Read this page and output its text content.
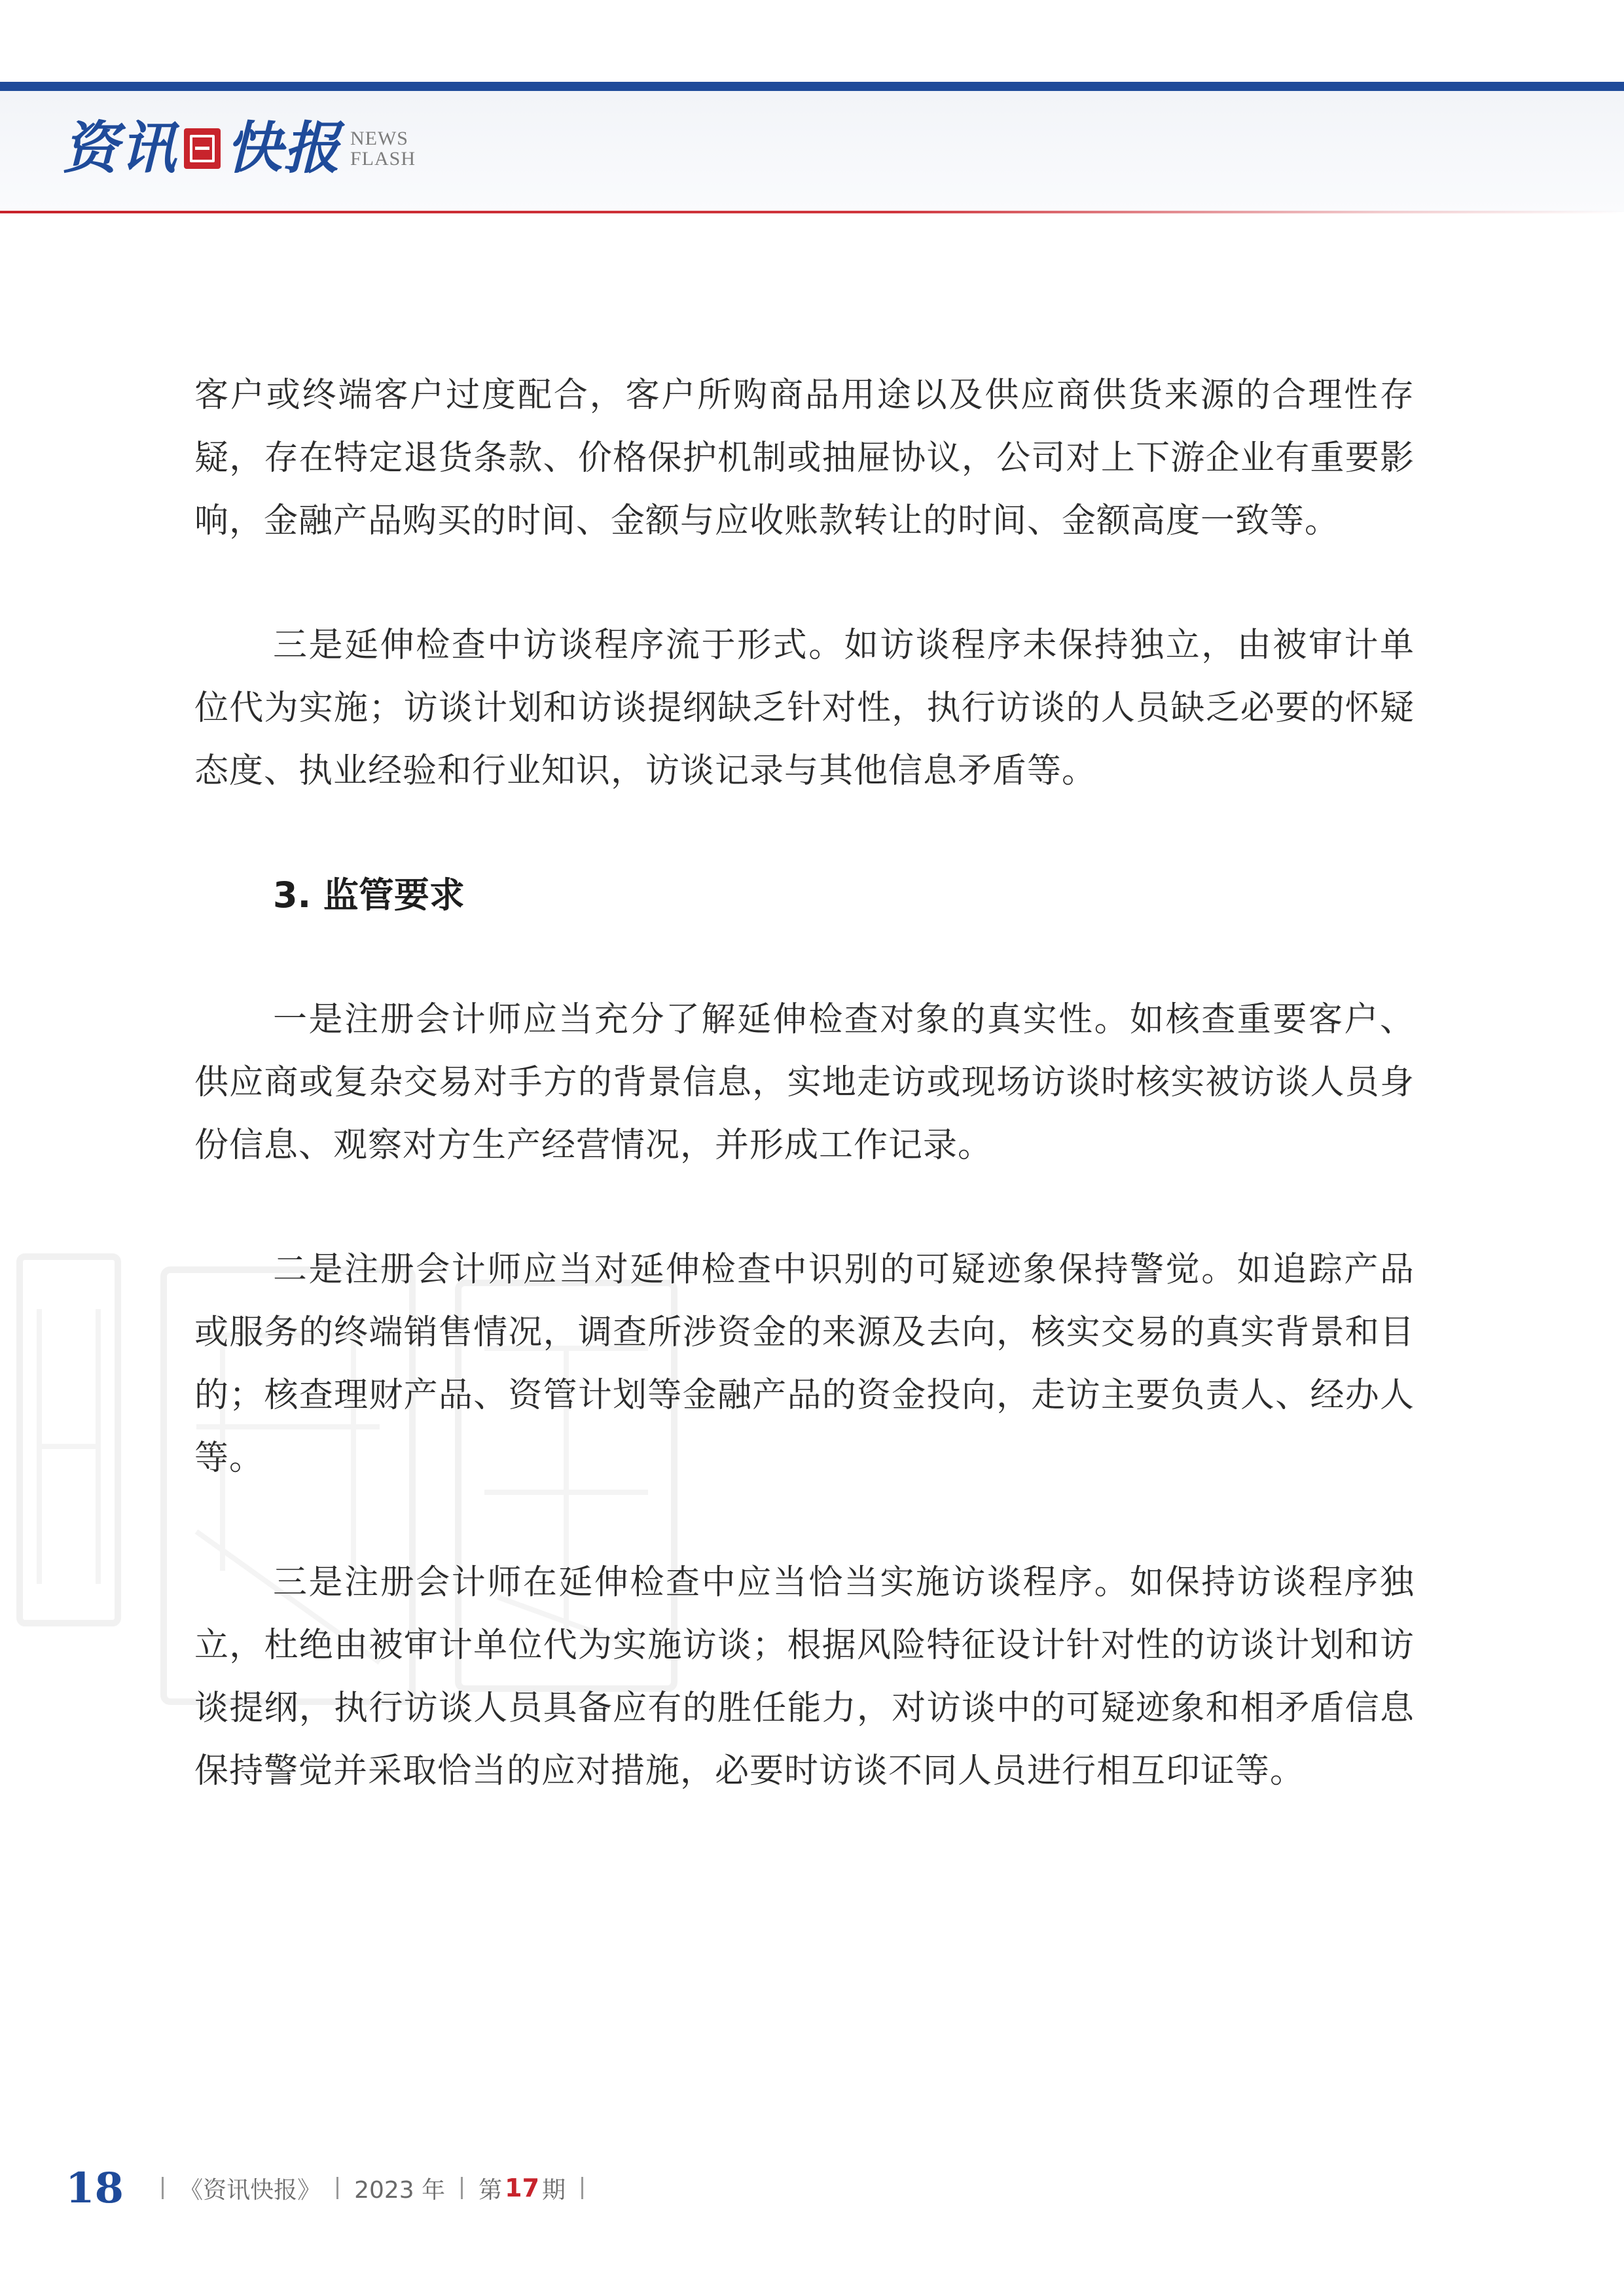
资讯 快报 NEWS
FLASH

客户或终端客户过度配合，客户所购商品用途以及供应商供货来源的合理性存疑，存在特定退货条款、价格保护机制或抽屉协议，公司对上下游企业有重要影响，金融产品购买的时间、金额与应收账款转让的时间、金额高度一致等。

三是延伸检查中访谈程序流于形式。如访谈程序未保持独立，由被审计单位代为实施；访谈计划和访谈提纲缺乏针对性，执行访谈的人员缺乏必要的怀疑态度、执业经验和行业知识，访谈记录与其他信息矛盾等。

3. 监管要求

一是注册会计师应当充分了解延伸检查对象的真实性。如核查重要客户、供应商或复杂交易对手方的背景信息，实地走访或现场访谈时核实被访谈人员身份信息、观察对方生产经营情况，并形成工作记录。

二是注册会计师应当对延伸检查中识别的可疑迹象保持警觉。如追踪产品或服务的终端销售情况，调查所涉资金的来源及去向，核实交易的真实背景和目的；核查理财产品、资管计划等金融产品的资金投向，走访主要负责人、经办人等。

三是注册会计师在延伸检查中应当恰当实施访谈程序。如保持访谈程序独立，杜绝由被审计单位代为实施访谈；根据风险特征设计针对性的访谈计划和访谈提纲，执行访谈人员具备应有的胜任能力，对访谈中的可疑迹象和相矛盾信息保持警觉并采取恰当的应对措施，必要时访谈不同人员进行相互印证等。

18 《资讯快报》 2023 年 第 17 期
